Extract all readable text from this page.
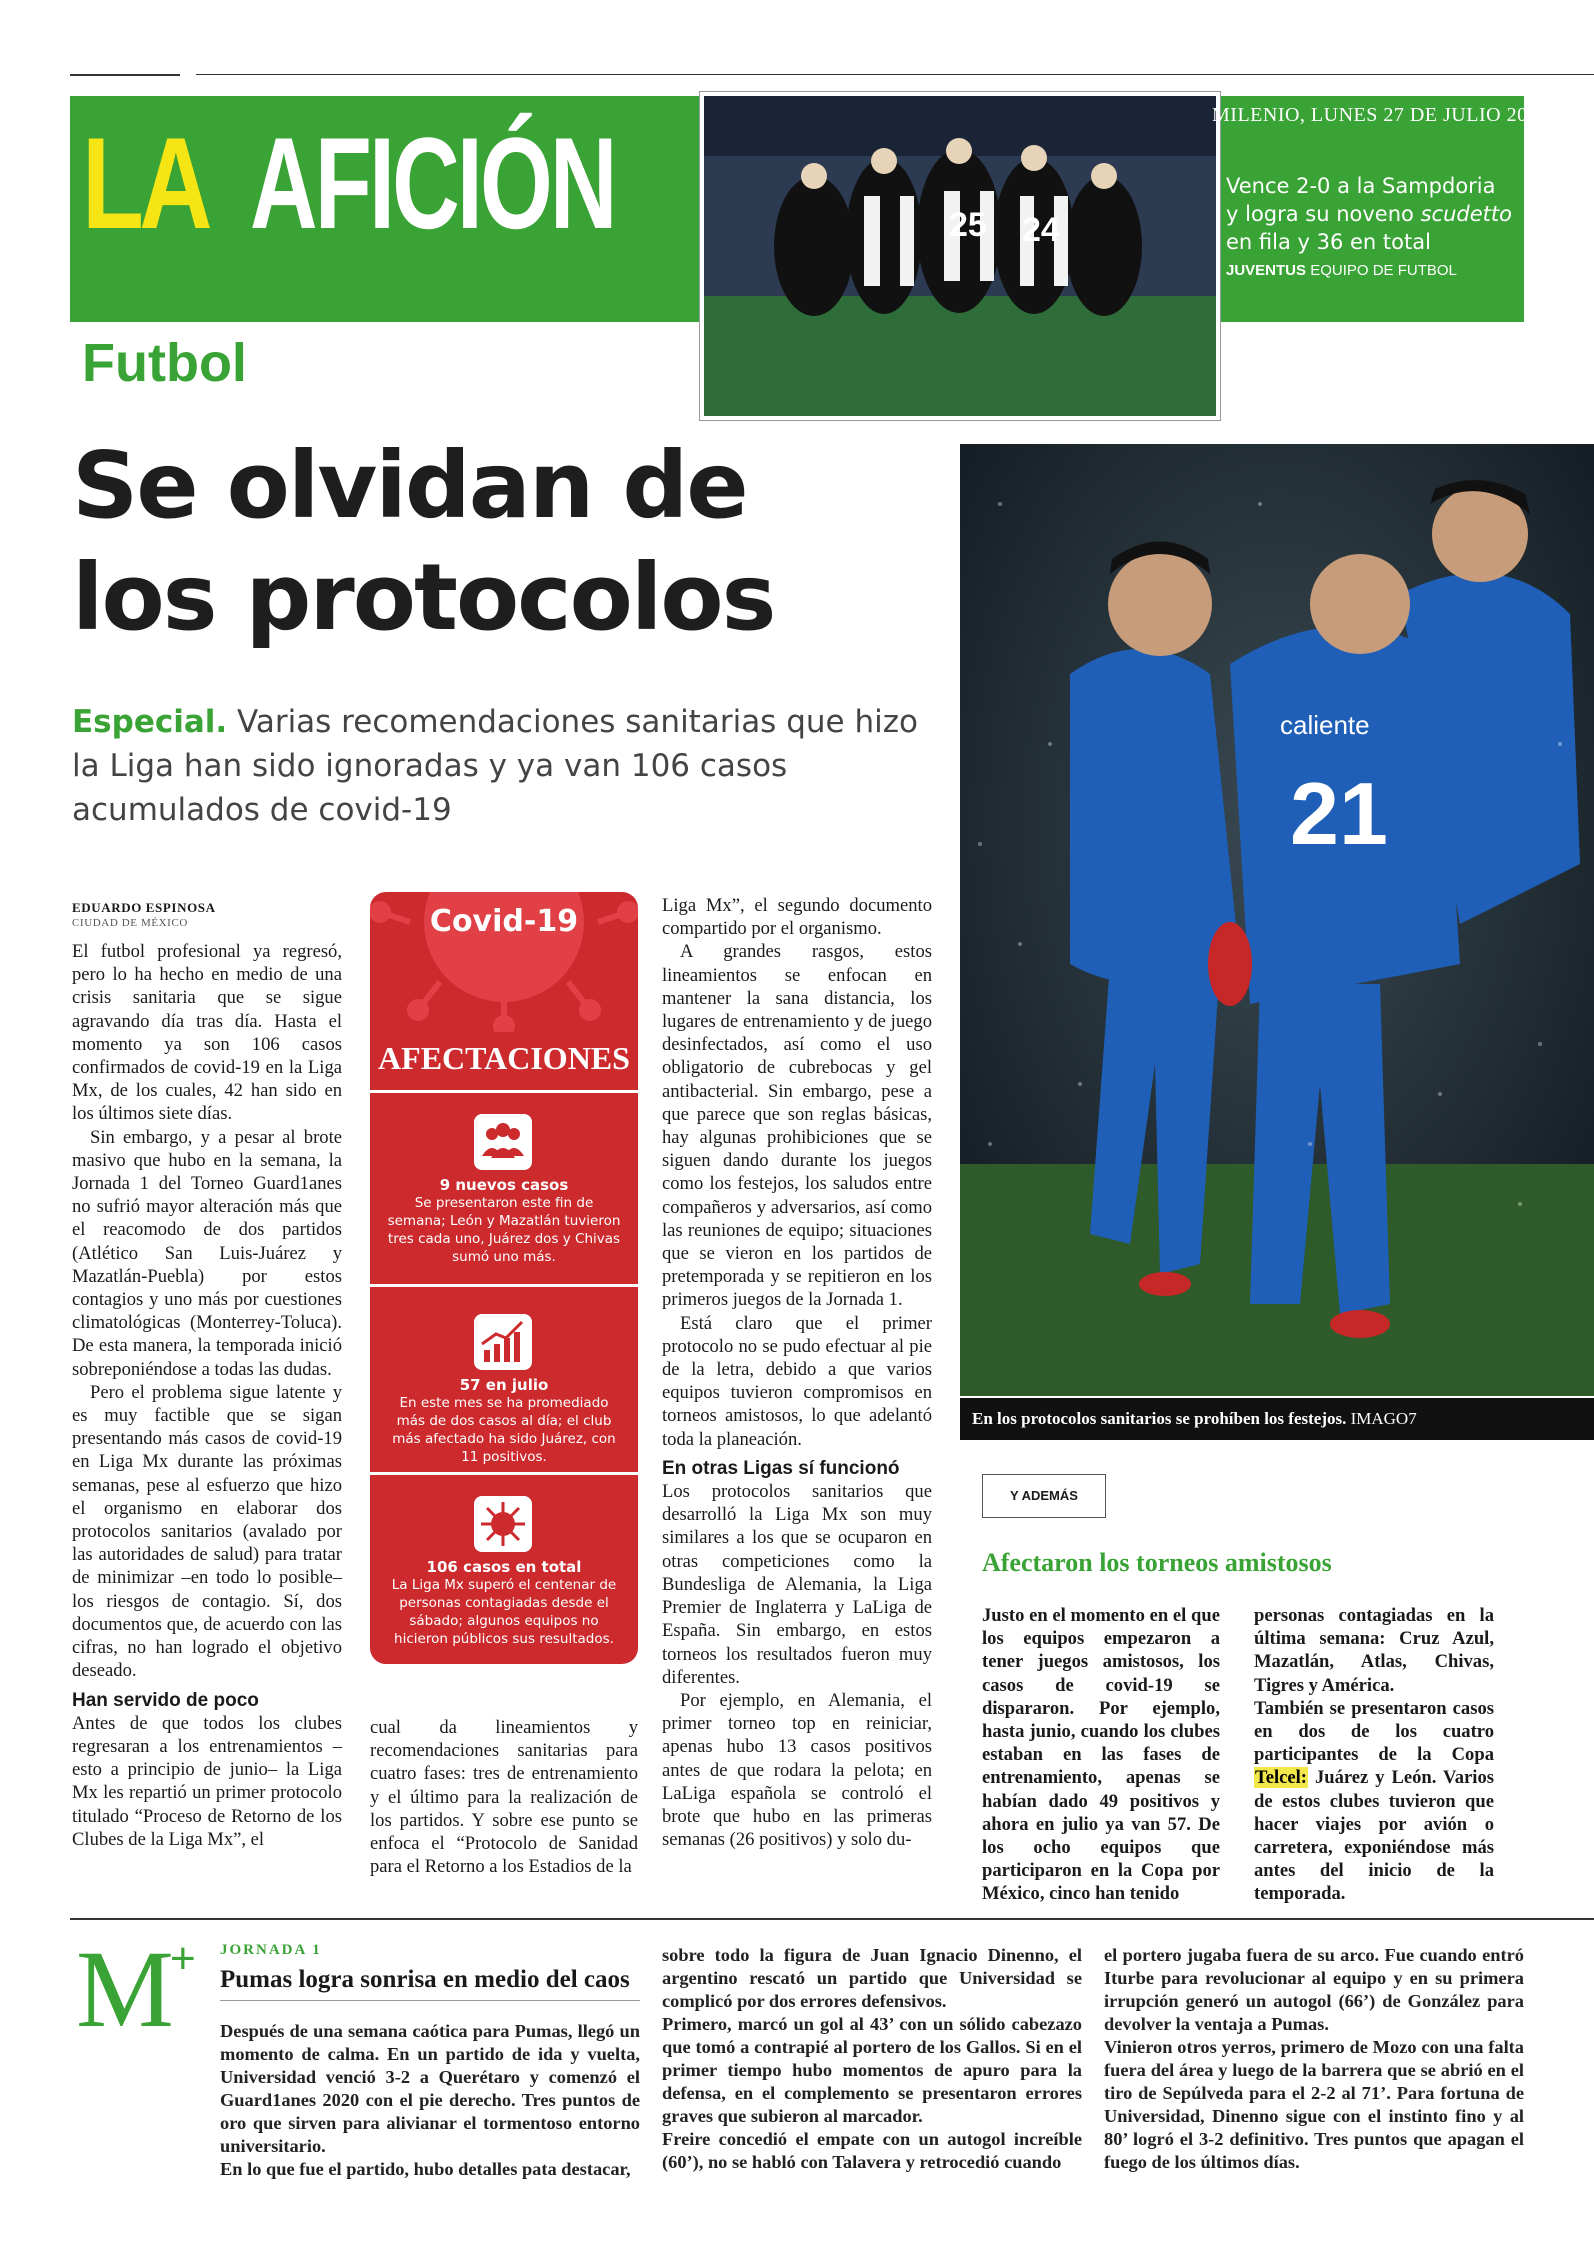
LA AFICIÓN
Futbol
25 24
MILENIO, LUNES 27 DE JULIO 2020
Vence 2-0 a la Sampdoria
y logra su noveno scudetto
en fila y 36 en total
JUVENTUS EQUIPO DE FUTBOL
Se olvidan de
los protocolos
Especial. Varias recomendaciones sanitarias que hizo la Liga han sido ignoradas y ya van 106 casos acumulados de covid-19	21
caliente
En los protocolos sanitarios se prohíben los festejos. IMAGO7
EDUARDO ESPINOSA
CIUDAD DE MÉXICO

El futbol profesional ya regresó, pero lo ha hecho en medio de una crisis sanitaria que se sigue agravando día tras día. Hasta el momento ya son 106 casos confirmados de covid-19 en la Liga Mx, de los cuales, 42 han sido en los últimos siete días.

Sin embargo, y a pesar al brote masivo que hubo en la semana, la Jornada 1 del Torneo Guard1anes no sufrió mayor alteración más que el reacomodo de dos partidos (Atlético San Luis-Juárez y Mazatlán-Puebla) por estos contagios y uno más por cuestiones climatológicas (Monterrey-Toluca). De esta manera, la temporada inició sobreponiéndose a todas las dudas.

Pero el problema sigue latente y es muy factible que se sigan presentando más casos de covid-19 en Liga Mx durante las próximas semanas, pese al esfuerzo que hizo el organismo en elaborar dos protocolos sanitarios (avalado por las autoridades de salud) para tratar de minimizar –en todo lo posible– los riesgos de contagio. Sí, dos documentos que, de acuerdo con las cifras, no han logrado el objetivo deseado.

Han servido de poco

Antes de que todos los clubes regresaran a los entrenamientos –esto a principio de junio– la Liga Mx les repartió un primer protocolo titulado “Proceso de Retorno de los Clubes de la Liga Mx”, el

Covid-19
AFECTACIONES
9 nuevos casos
Se presentaron este fin de semana; León y Mazatlán tuvieron tres cada uno, Juárez dos y Chivas sumó uno más.
57 en julio
En este mes se ha promediado más de dos casos al día; el club más afectado ha sido Juárez, con 11 positivos.
106 casos en total
La Liga Mx superó el centenar de personas contagiadas desde el sábado; algunos equipos no hicieron públicos sus resultados.

cual da lineamientos y recomendaciones sanitarias para cuatro fases: tres de entrenamiento y el último para la realización de los partidos. Y sobre ese punto se enfoca el “Protocolo de Sanidad para el Retorno a los Estadios de la

Liga Mx”, el segundo documento compartido por el organismo.

A grandes rasgos, estos lineamientos se enfocan en mantener la sana distancia, los lugares de entrenamiento y de juego desinfectados, así como el uso obligatorio de cubrebocas y gel antibacterial. Sin embargo, pese a que parece que son reglas básicas, hay algunas prohibiciones que se siguen dando durante los juegos como los festejos, los saludos entre compañeros y adversarios, así como las reuniones de equipo; situaciones que se vieron en los partidos de pretemporada y se repitieron en los primeros juegos de la Jornada 1.

Está claro que el primer protocolo no se pudo efectuar al pie de la letra, debido a que varios equipos tuvieron compromisos en torneos amistosos, lo que adelantó toda la planeación.

En otras Ligas sí funcionó

Los protocolos sanitarios que desarrolló la Liga Mx son muy similares a los que se ocuparon en otras competiciones como la Bundesliga de Alemania, la Liga Premier de Inglaterra y LaLiga de España. Sin embargo, en estos torneos los resultados fueron muy diferentes.

Por ejemplo, en Alemania, el primer torneo top en reiniciar, apenas hubo 13 casos positivos antes de que rodara la pelota; en LaLiga española se controló el brote que hubo en las primeras semanas (26 positivos) y solo du-

Y ADEMÁS
Afectaron los torneos amistosos

Justo en el momento en el que los equipos empezaron a tener juegos amistosos, los casos de covid-19 se dispararon. Por ejemplo, hasta junio, cuando los clubes estaban en las fases de entrenamiento, apenas se habían dado 49 positivos y ahora en julio ya van 57. De los ocho equipos que participaron en la Copa por México, cinco han tenido

personas contagiadas en la última semana: Cruz Azul, Mazatlán, Atlas, Chivas, Tigres y América.

También se presentaron casos en dos de los cuatro participantes de la Copa Telcel: Juárez y León. Varios de estos clubes tuvieron que hacer viajes por avión o carretera, exponiéndose más antes del inicio de la temporada.

M
+ JORNADA 1
Pumas logra sonrisa en medio del caos

Después de una semana caótica para Pumas, llegó un momento de calma. En un partido de ida y vuelta, Universidad venció 3-2 a Querétaro y comenzó el Guard1anes 2020 con el pie derecho. Tres puntos de oro que sirven para alivianar el tormentoso entorno universitario.

En lo que fue el partido, hubo detalles pata destacar,

sobre todo la figura de Juan Ignacio Dinenno, el argentino rescató un partido que Universidad se complicó por dos errores defensivos.

Primero, marcó un gol al 43’ con un sólido cabezazo que tomó a contrapié al portero de los Gallos. Si en el primer tiempo hubo momentos de apuro para la defensa, en el complemento se presentaron errores graves que subieron al marcador.

Freire concedió el empate con un autogol increíble (60’), no se habló con Talavera y retrocedió cuando

el portero jugaba fuera de su arco. Fue cuando entró Iturbe para revolucionar al equipo y en su primera irrupción generó un autogol (66’) de González para devolver la ventaja a Pumas.

Vinieron otros yerros, primero de Mozo con una falta fuera del área y luego de la barrera que se abrió en el tiro de Sepúlveda para el 2-2 al 71’. Para fortuna de Universidad, Dinenno sigue con el instinto fino y al 80’ logró el 3-2 definitivo. Tres puntos que apagan el fuego de los últimos días.
